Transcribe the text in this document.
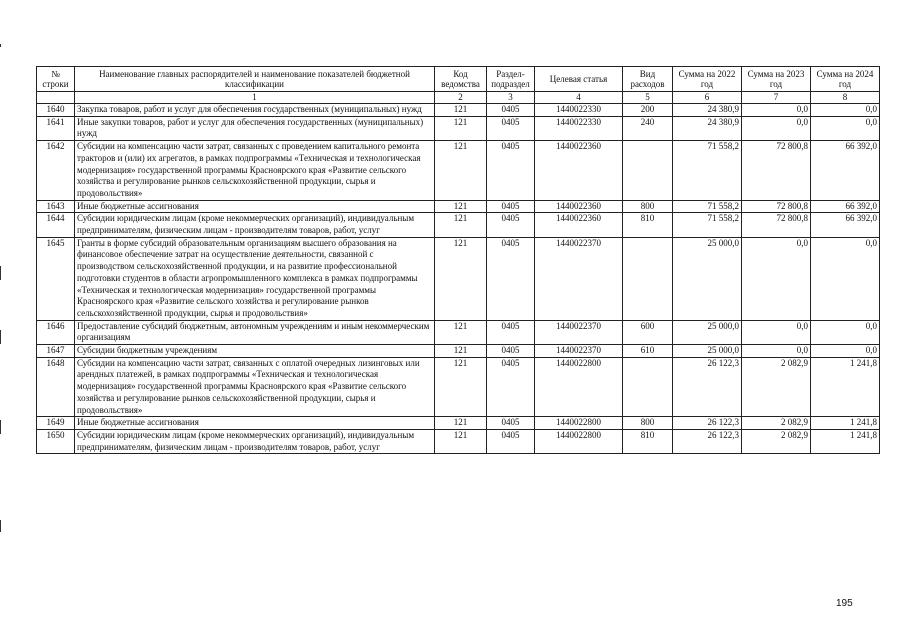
№ строки	Наименование главных распорядителей и наименование показателей бюджетной классификации	Код ведомства	Раздел-подраздел	Целевая статья	Вид расходов	Сумма на 2022 год	Сумма на 2023 год	Сумма на 2024 год
	1	2	3	4	5	6	7	8
1640	Закупка товаров, работ и услуг для обеспечения государственных (муниципальных) нужд	121	0405	1440022330	200	24 380,9	0,0	0,0
1641	Иные закупки товаров, работ и услуг для обеспечения государственных (муниципальных) нужд	121	0405	1440022330	240	24 380,9	0,0	0,0
1642	Субсидии на компенсацию части затрат, связанных с проведением капитального ремонта тракторов и (или) их агрегатов, в рамках подпрограммы «Техническая и технологическая модернизация» государственной программы Красноярского края «Развитие сельского хозяйства и регулирование рынков сельскохозяйственной продукции, сырья и продовольствия»	121	0405	1440022360		71 558,2	72 800,8	66 392,0
1643	Иные бюджетные ассигнования	121	0405	1440022360	800	71 558,2	72 800,8	66 392,0
1644	Субсидии юридическим лицам (кроме некоммерческих организаций), индивидуальным предпринимателям, физическим лицам - производителям товаров, работ, услуг	121	0405	1440022360	810	71 558,2	72 800,8	66 392,0
1645	Гранты в форме субсидий образовательным организациям высшего образования на финансовое обеспечение затрат на осуществление деятельности, связанной с производством сельскохозяйственной продукции, и на развитие профессиональной подготовки студентов в области агропромышленного комплекса в рамках подпрограммы «Техническая и технологическая модернизация» государственной программы Красноярского края «Развитие сельского хозяйства и регулирование рынков сельскохозяйственной продукции, сырья и продовольствия»	121	0405	1440022370		25 000,0	0,0	0,0
1646	Предоставление субсидий бюджетным, автономным учреждениям и иным некоммерческим организациям	121	0405	1440022370	600	25 000,0	0,0	0,0
1647	Субсидии бюджетным учреждениям	121	0405	1440022370	610	25 000,0	0,0	0,0
1648	Субсидии на компенсацию части затрат, связанных с оплатой очередных лизинговых или арендных платежей, в рамках подпрограммы «Техническая и технологическая модернизация» государственной программы Красноярского края «Развитие сельского хозяйства и регулирование рынков сельскохозяйственной продукции, сырья и продовольствия»	121	0405	1440022800		26 122,3	2 082,9	1 241,8
1649	Иные бюджетные ассигнования	121	0405	1440022800	800	26 122,3	2 082,9	1 241,8
1650	Субсидии юридическим лицам (кроме некоммерческих организаций), индивидуальным предпринимателям, физическим лицам - производителям товаров, работ, услуг	121	0405	1440022800	810	26 122,3	2 082,9	1 241,8
195
